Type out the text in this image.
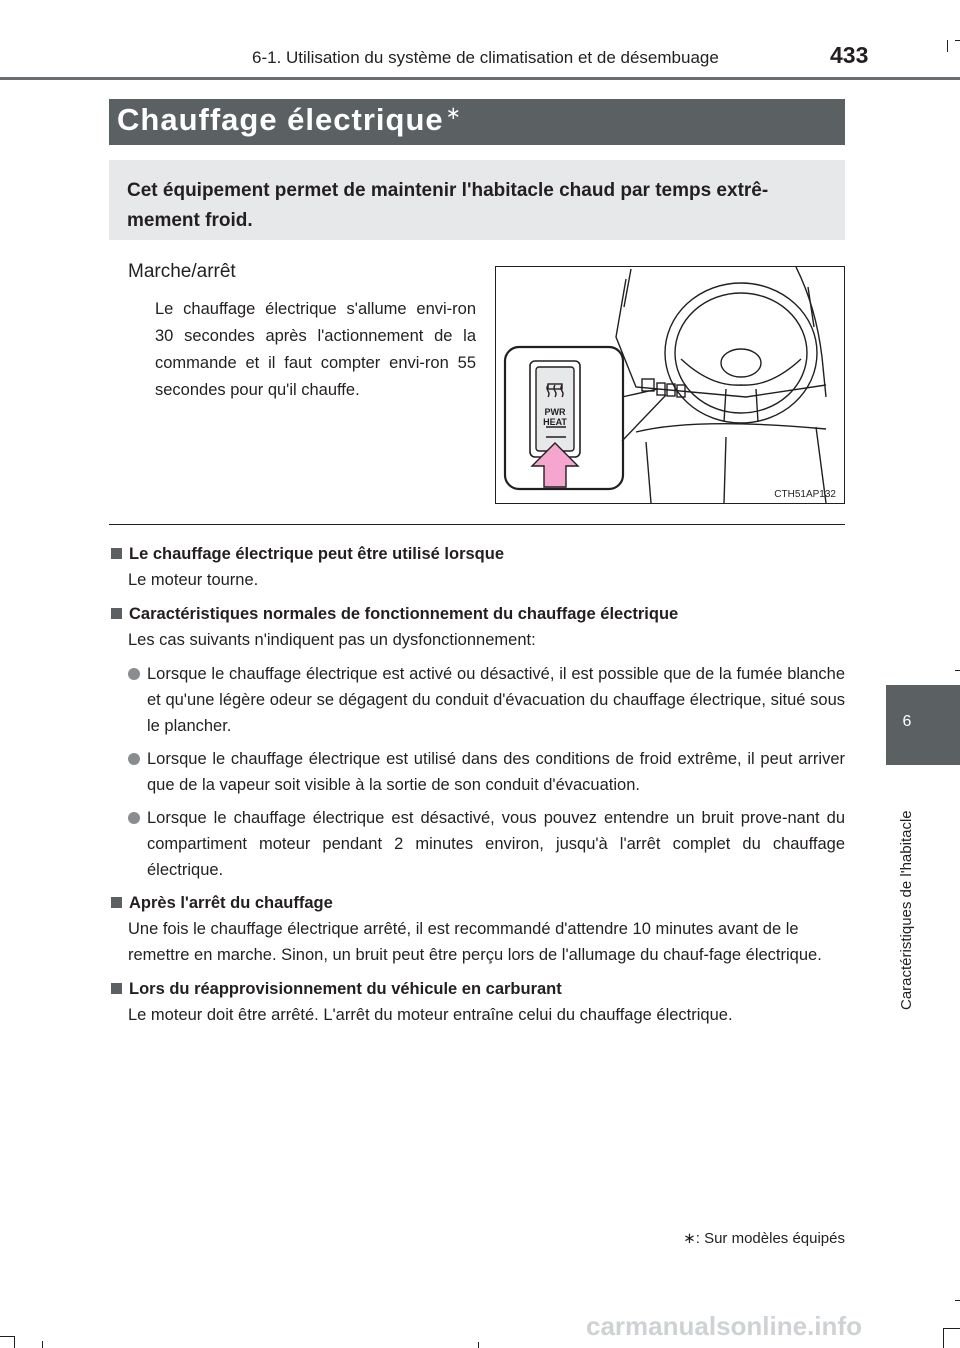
6-1. Utilisation du système de climatisation et de désembuage	433
Chauffage électrique ∗
Cet équipement permet de maintenir l'habitacle chaud par temps extrê-mement froid.
Marche/arrêt
Le chauffage électrique s'allume envi-ron 30 secondes après l'actionnement de la commande et il faut compter envi-ron 55 secondes pour qu'il chauffe.
PWR
HEAT
CTH51AP132
Le chauffage électrique peut être utilisé lorsque
Le moteur tourne.
Caractéristiques normales de fonctionnement du chauffage électrique
Les cas suivants n'indiquent pas un dysfonctionnement:
Lorsque le chauffage électrique est activé ou désactivé, il est possible que de la fumée blanche et qu'une légère odeur se dégagent du conduit d'évacuation du chauffage électrique, situé sous le plancher.
Lorsque le chauffage électrique est utilisé dans des conditions de froid extrême, il peut arriver que de la vapeur soit visible à la sortie de son conduit d'évacuation.
Lorsque le chauffage électrique est désactivé, vous pouvez entendre un bruit prove-nant du compartiment moteur pendant 2 minutes environ, jusqu'à l'arrêt complet du chauffage électrique.
Après l'arrêt du chauffage
Une fois le chauffage électrique arrêté, il est recommandé d'attendre 10 minutes avant de le remettre en marche. Sinon, un bruit peut être perçu lors de l'allumage du chauf-fage électrique.
Lors du réapprovisionnement du véhicule en carburant
Le moteur doit être arrêté. L'arrêt du moteur entraîne celui du chauffage électrique.
∗: Sur modèles équipés
6
Caractéristiques de l'habitacle
carmanualsonline.info
